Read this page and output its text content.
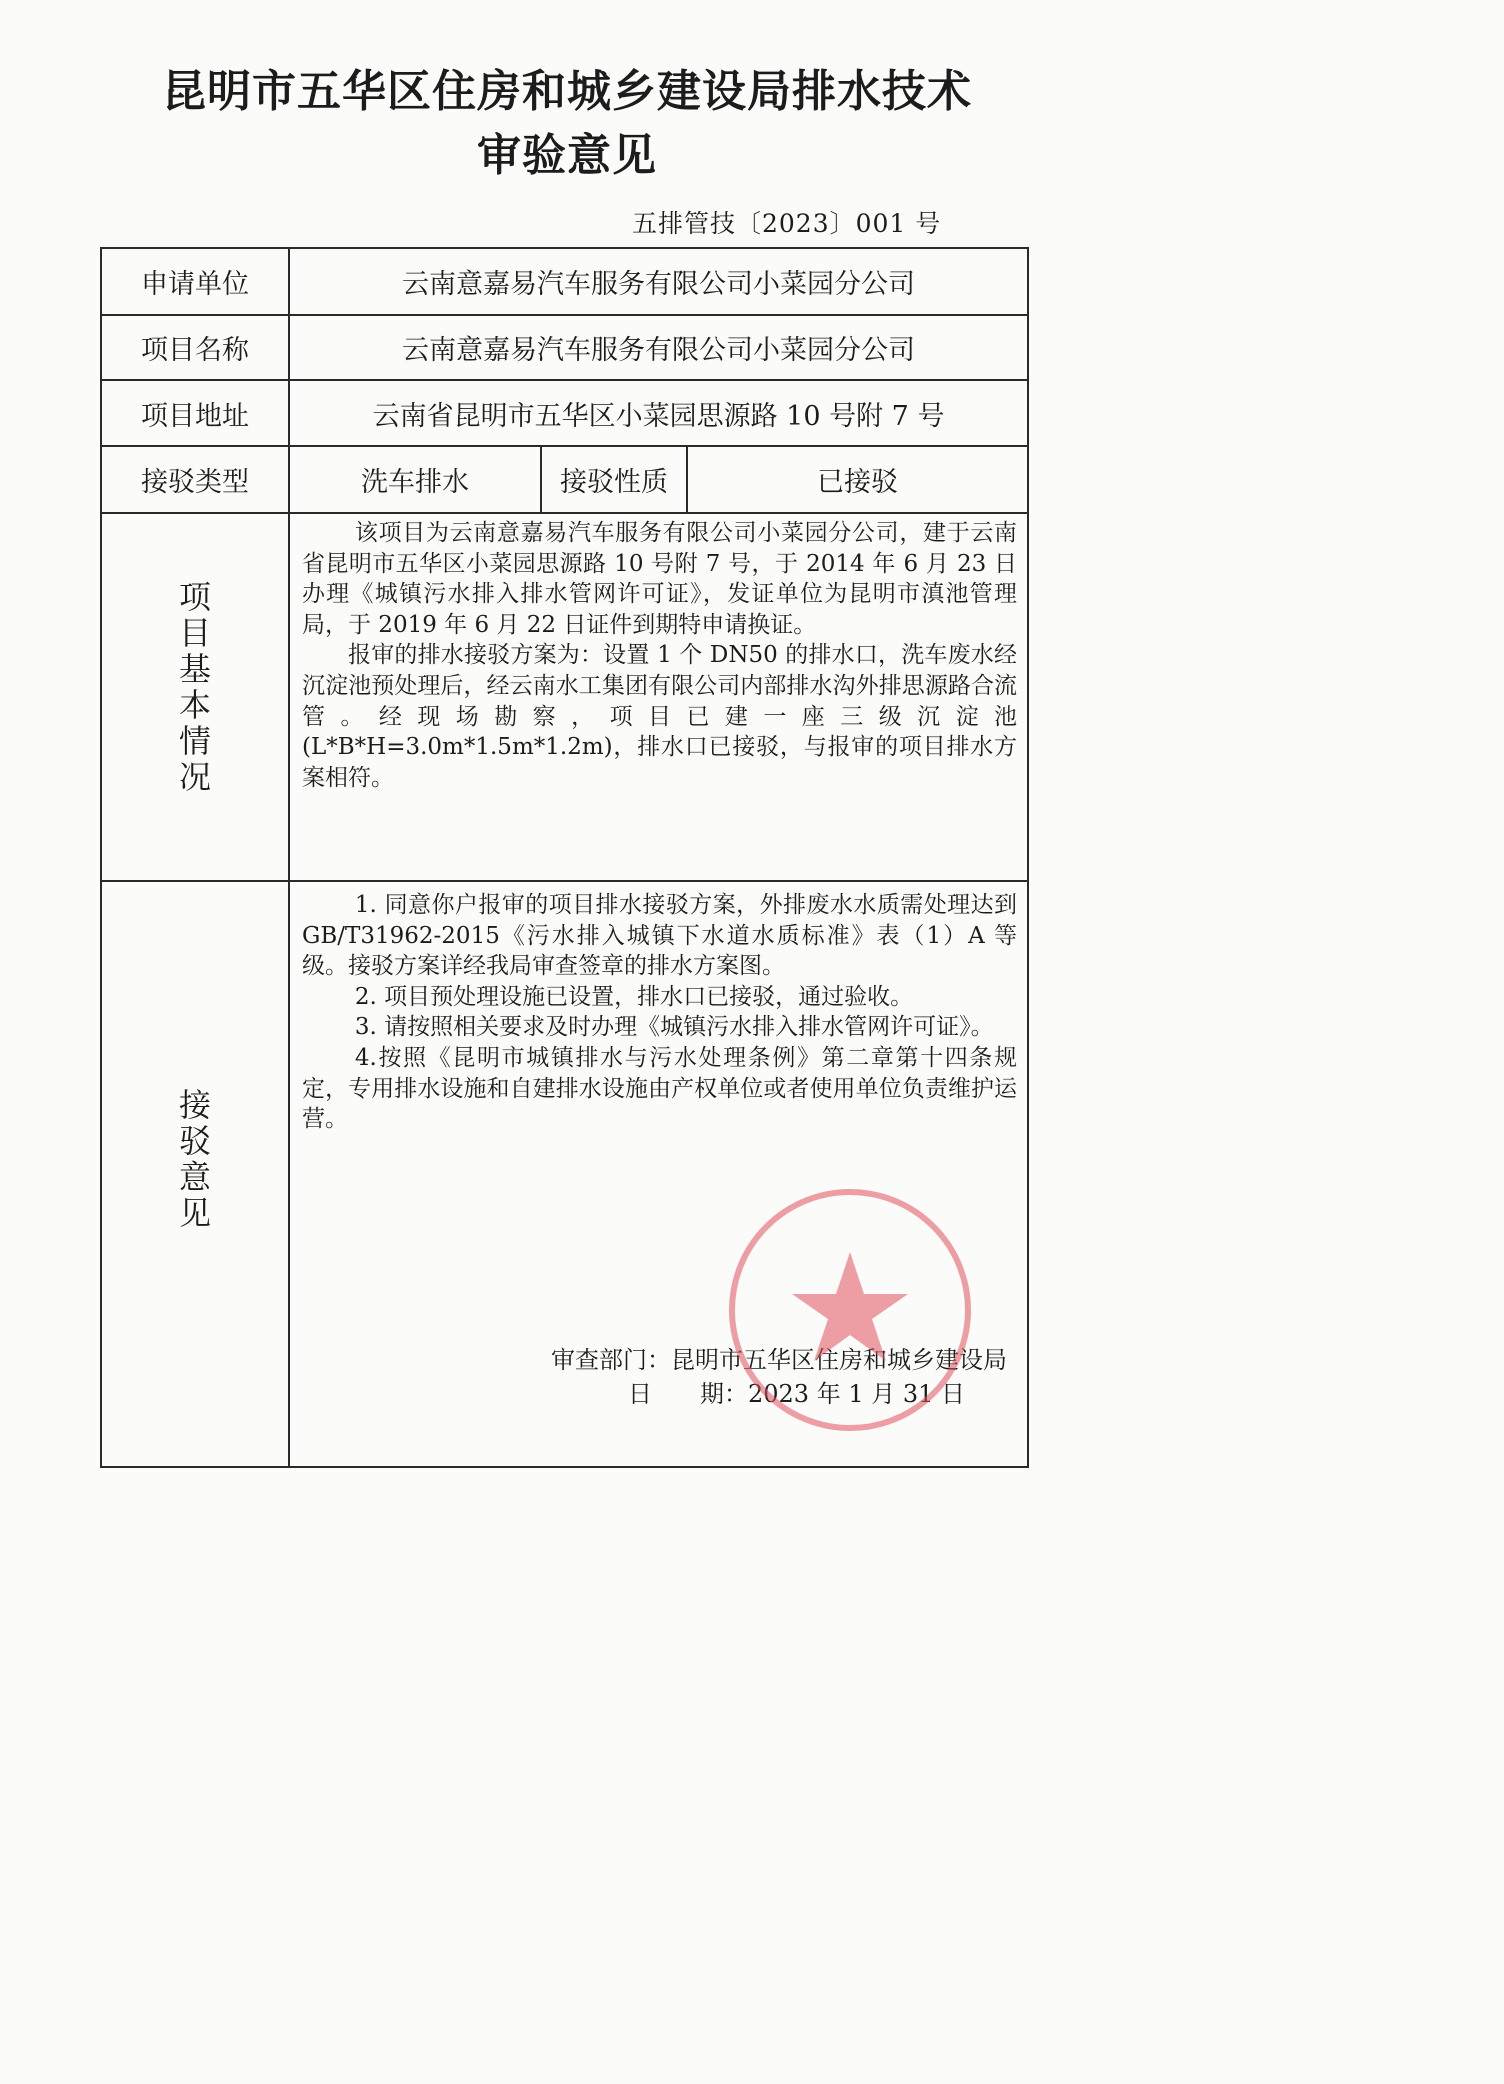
昆明市五华区住房和城乡建设局排水技术
审验意见
五排管技〔2023〕001 号
申请单位	云南意嘉易汽车服务有限公司小菜园分公司		
项目名称	云南意嘉易汽车服务有限公司小菜园分公司		
项目地址	云南省昆明市五华区小菜园思源路 10 号附 7 号		
接驳类型	洗车排水	接驳性质	已接驳

项目基本情况	该项目为云南意嘉易汽车服务有限公司小菜园分公司，建于云南省昆明市五华区小菜园思源路 10 号附 7 号，于 2014 年 6 月 23 日办理《城镇污水排入排水管网许可证》，发证单位为昆明市滇池管理局，于 2019 年 6 月 22 日证件到期特申请换证。

报审的排水接驳方案为：设置 1 个 DN50 的排水口，洗车废水经沉淀池预处理后，经云南水工集团有限公司内部排水沟外排思源路合流管。经现场勘察，项目已建一座三级沉淀池(L*B*H=3.0m*1.5m*1.2m)，排水口已接驳，与报审的项目排水方案相符。		

接驳意见	1. 同意你户报审的项目排水接驳方案，外排废水水质需处理达到 GB/T31962-2015《污水排入城镇下水道水质标准》表（1）A 等级。接驳方案详经我局审查签章的排水方案图。

2. 项目预处理设施已设置，排水口已接驳，通过验收。

3. 请按照相关要求及时办理《城镇污水排入排水管网许可证》。

4.按照《昆明市城镇排水与污水处理条例》第二章第十四条规定，专用排水设施和自建排水设施由产权单位或者使用单位负责维护运营。		

审查部门：昆明市五华区住房和城乡建设局
日　　期：2023 年 1 月 31 日
